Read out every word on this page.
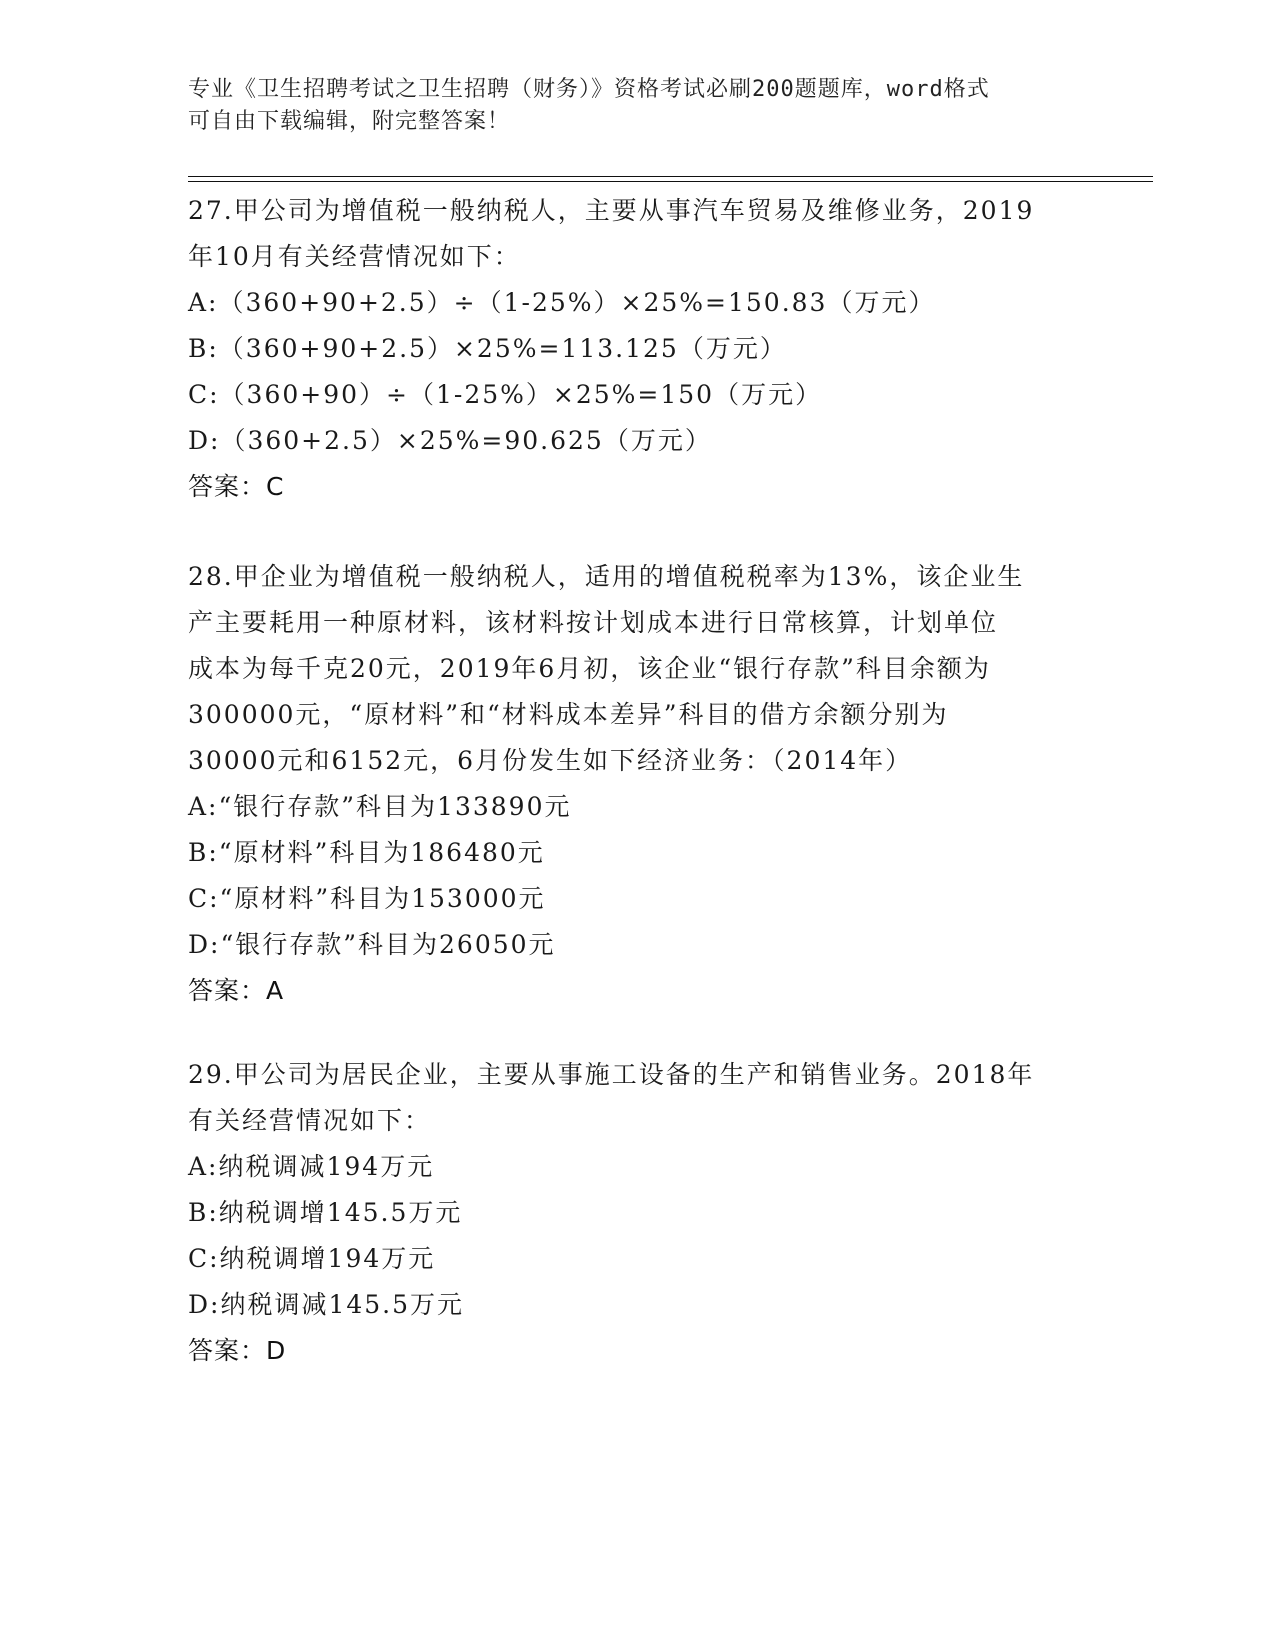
专业《卫生招聘考试之卫生招聘（财务）》资格考试必刷200题题库，word格式
可自由下载编辑，附完整答案！
27.甲公司为增值税一般纳税人，主要从事汽车贸易及维修业务，2019
年10月有关经营情况如下：
A:（360+90+2.5）÷（1-25%）×25%=150.83（万元）
B:（360+90+2.5）×25%=113.125（万元）
C:（360+90）÷（1-25%）×25%=150（万元）
D:（360+2.5）×25%=90.625（万元）
答案：C
28.甲企业为增值税一般纳税人，适用的增值税税率为13%，该企业生
产主要耗用一种原材料，该材料按计划成本进行日常核算，计划单位
成本为每千克20元，2019年6月初，该企业“银行存款”科目余额为
300000元，“原材料”和“材料成本差异”科目的借方余额分别为
30000元和6152元，6月份发生如下经济业务：（2014年）
A:“银行存款”科目为133890元
B:“原材料”科目为186480元
C:“原材料”科目为153000元
D:“银行存款”科目为26050元
答案：A
29.甲公司为居民企业，主要从事施工设备的生产和销售业务。2018年
有关经营情况如下：
A:纳税调减194万元
B:纳税调增145.5万元
C:纳税调增194万元
D:纳税调减145.5万元
答案：D
